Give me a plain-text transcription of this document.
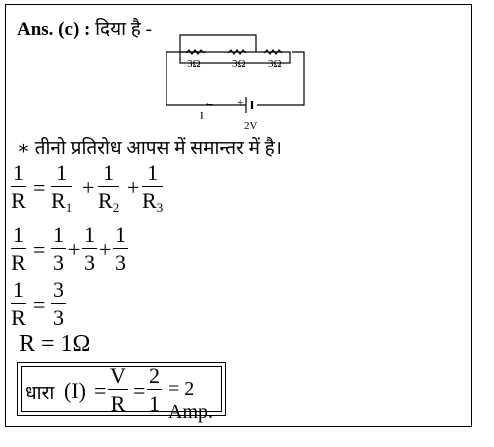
Ans. (c) : दिया है -
3Ω	3Ω 3Ω
←
I
+
2V
∗ तीनो प्रतिरोध आपस में समान्तर में है।
$\frac{1}{R} = \frac{1}{R_1} + \frac{1}{R_2} + \frac{1}{R_3}$
$\frac{1}{R} = \frac{1}{3} + \frac{1}{3} + \frac{1}{3}$
$\frac{1}{R} = \frac{3}{3}$
R = 1Ω
धारा $(I) = \frac{V}{R} = \frac{2}{1} = 2$ Amp.
